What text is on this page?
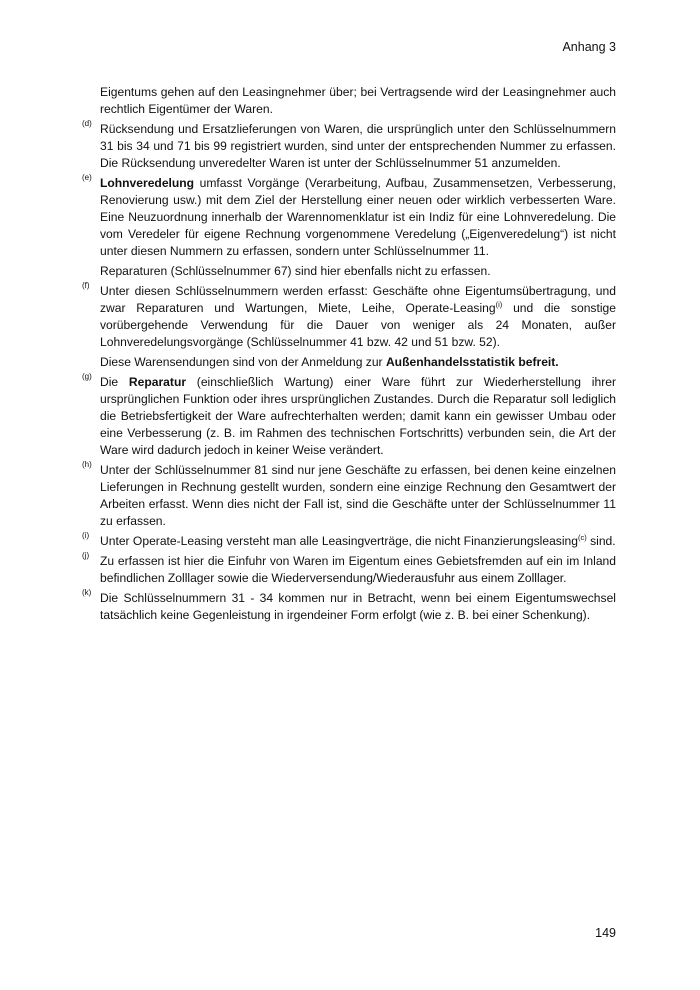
Anhang 3

Eigentums gehen auf den Leasingnehmer über; bei Vertragsende wird der Leasingnehmer auch rechtlich Eigentümer der Waren.

(d) Rücksendung und Ersatzlieferungen von Waren, die ursprünglich unter den Schlüsselnummern 31 bis 34 und 71 bis 99 registriert wurden, sind unter der entsprechenden Nummer zu erfassen. Die Rücksendung unveredelter Waren ist unter der Schlüsselnummer 51 anzumelden.

(e) Lohnveredelung umfasst Vorgänge (Verarbeitung, Aufbau, Zusammensetzen, Verbesserung, Renovierung usw.) mit dem Ziel der Herstellung einer neuen oder wirklich verbesserten Ware. Eine Neuzuordnung innerhalb der Warennomenklatur ist ein Indiz für eine Lohnveredelung. Die vom Veredeler für eigene Rechnung vorgenommene Veredelung („Eigenveredelung“) ist nicht unter diesen Nummern zu erfassen, sondern unter Schlüsselnummer 11.

Reparaturen (Schlüsselnummer 67) sind hier ebenfalls nicht zu erfassen.

(f) Unter diesen Schlüsselnummern werden erfasst: Geschäfte ohne Eigentumsübertragung, und zwar Reparaturen und Wartungen, Miete, Leihe, Operate-Leasing$^{(i)}$ und die sonstige vorübergehende Verwendung für die Dauer von weniger als 24 Monaten, außer Lohnveredelungsvorgänge (Schlüsselnummer 41 bzw. 42 und 51 bzw. 52).

Diese Warensendungen sind von der Anmeldung zur Außenhandelsstatistik befreit.

(g) Die Reparatur (einschließlich Wartung) einer Ware führt zur Wiederherstellung ihrer ursprünglichen Funktion oder ihres ursprünglichen Zustandes. Durch die Reparatur soll lediglich die Betriebsfertigkeit der Ware aufrechterhalten werden; damit kann ein gewisser Umbau oder eine Verbesserung (z. B. im Rahmen des technischen Fortschritts) verbunden sein, die Art der Ware wird dadurch jedoch in keiner Weise verändert.

(h) Unter der Schlüsselnummer 81 sind nur jene Geschäfte zu erfassen, bei denen keine einzelnen Lieferungen in Rechnung gestellt wurden, sondern eine einzige Rechnung den Gesamtwert der Arbeiten erfasst. Wenn dies nicht der Fall ist, sind die Geschäfte unter der Schlüsselnummer 11 zu erfassen.

(i) Unter Operate-Leasing versteht man alle Leasingverträge, die nicht Finanzierungsleasing$^{(c)}$ sind.

(j) Zu erfassen ist hier die Einfuhr von Waren im Eigentum eines Gebietsfremden auf ein im Inland befindlichen Zolllager sowie die Wiederversendung/Wiederausfuhr aus einem Zolllager.

(k) Die Schlüsselnummern 31 - 34 kommen nur in Betracht, wenn bei einem Eigentumswechsel tatsächlich keine Gegenleistung in irgendeiner Form erfolgt (wie z. B. bei einer Schenkung).

149
